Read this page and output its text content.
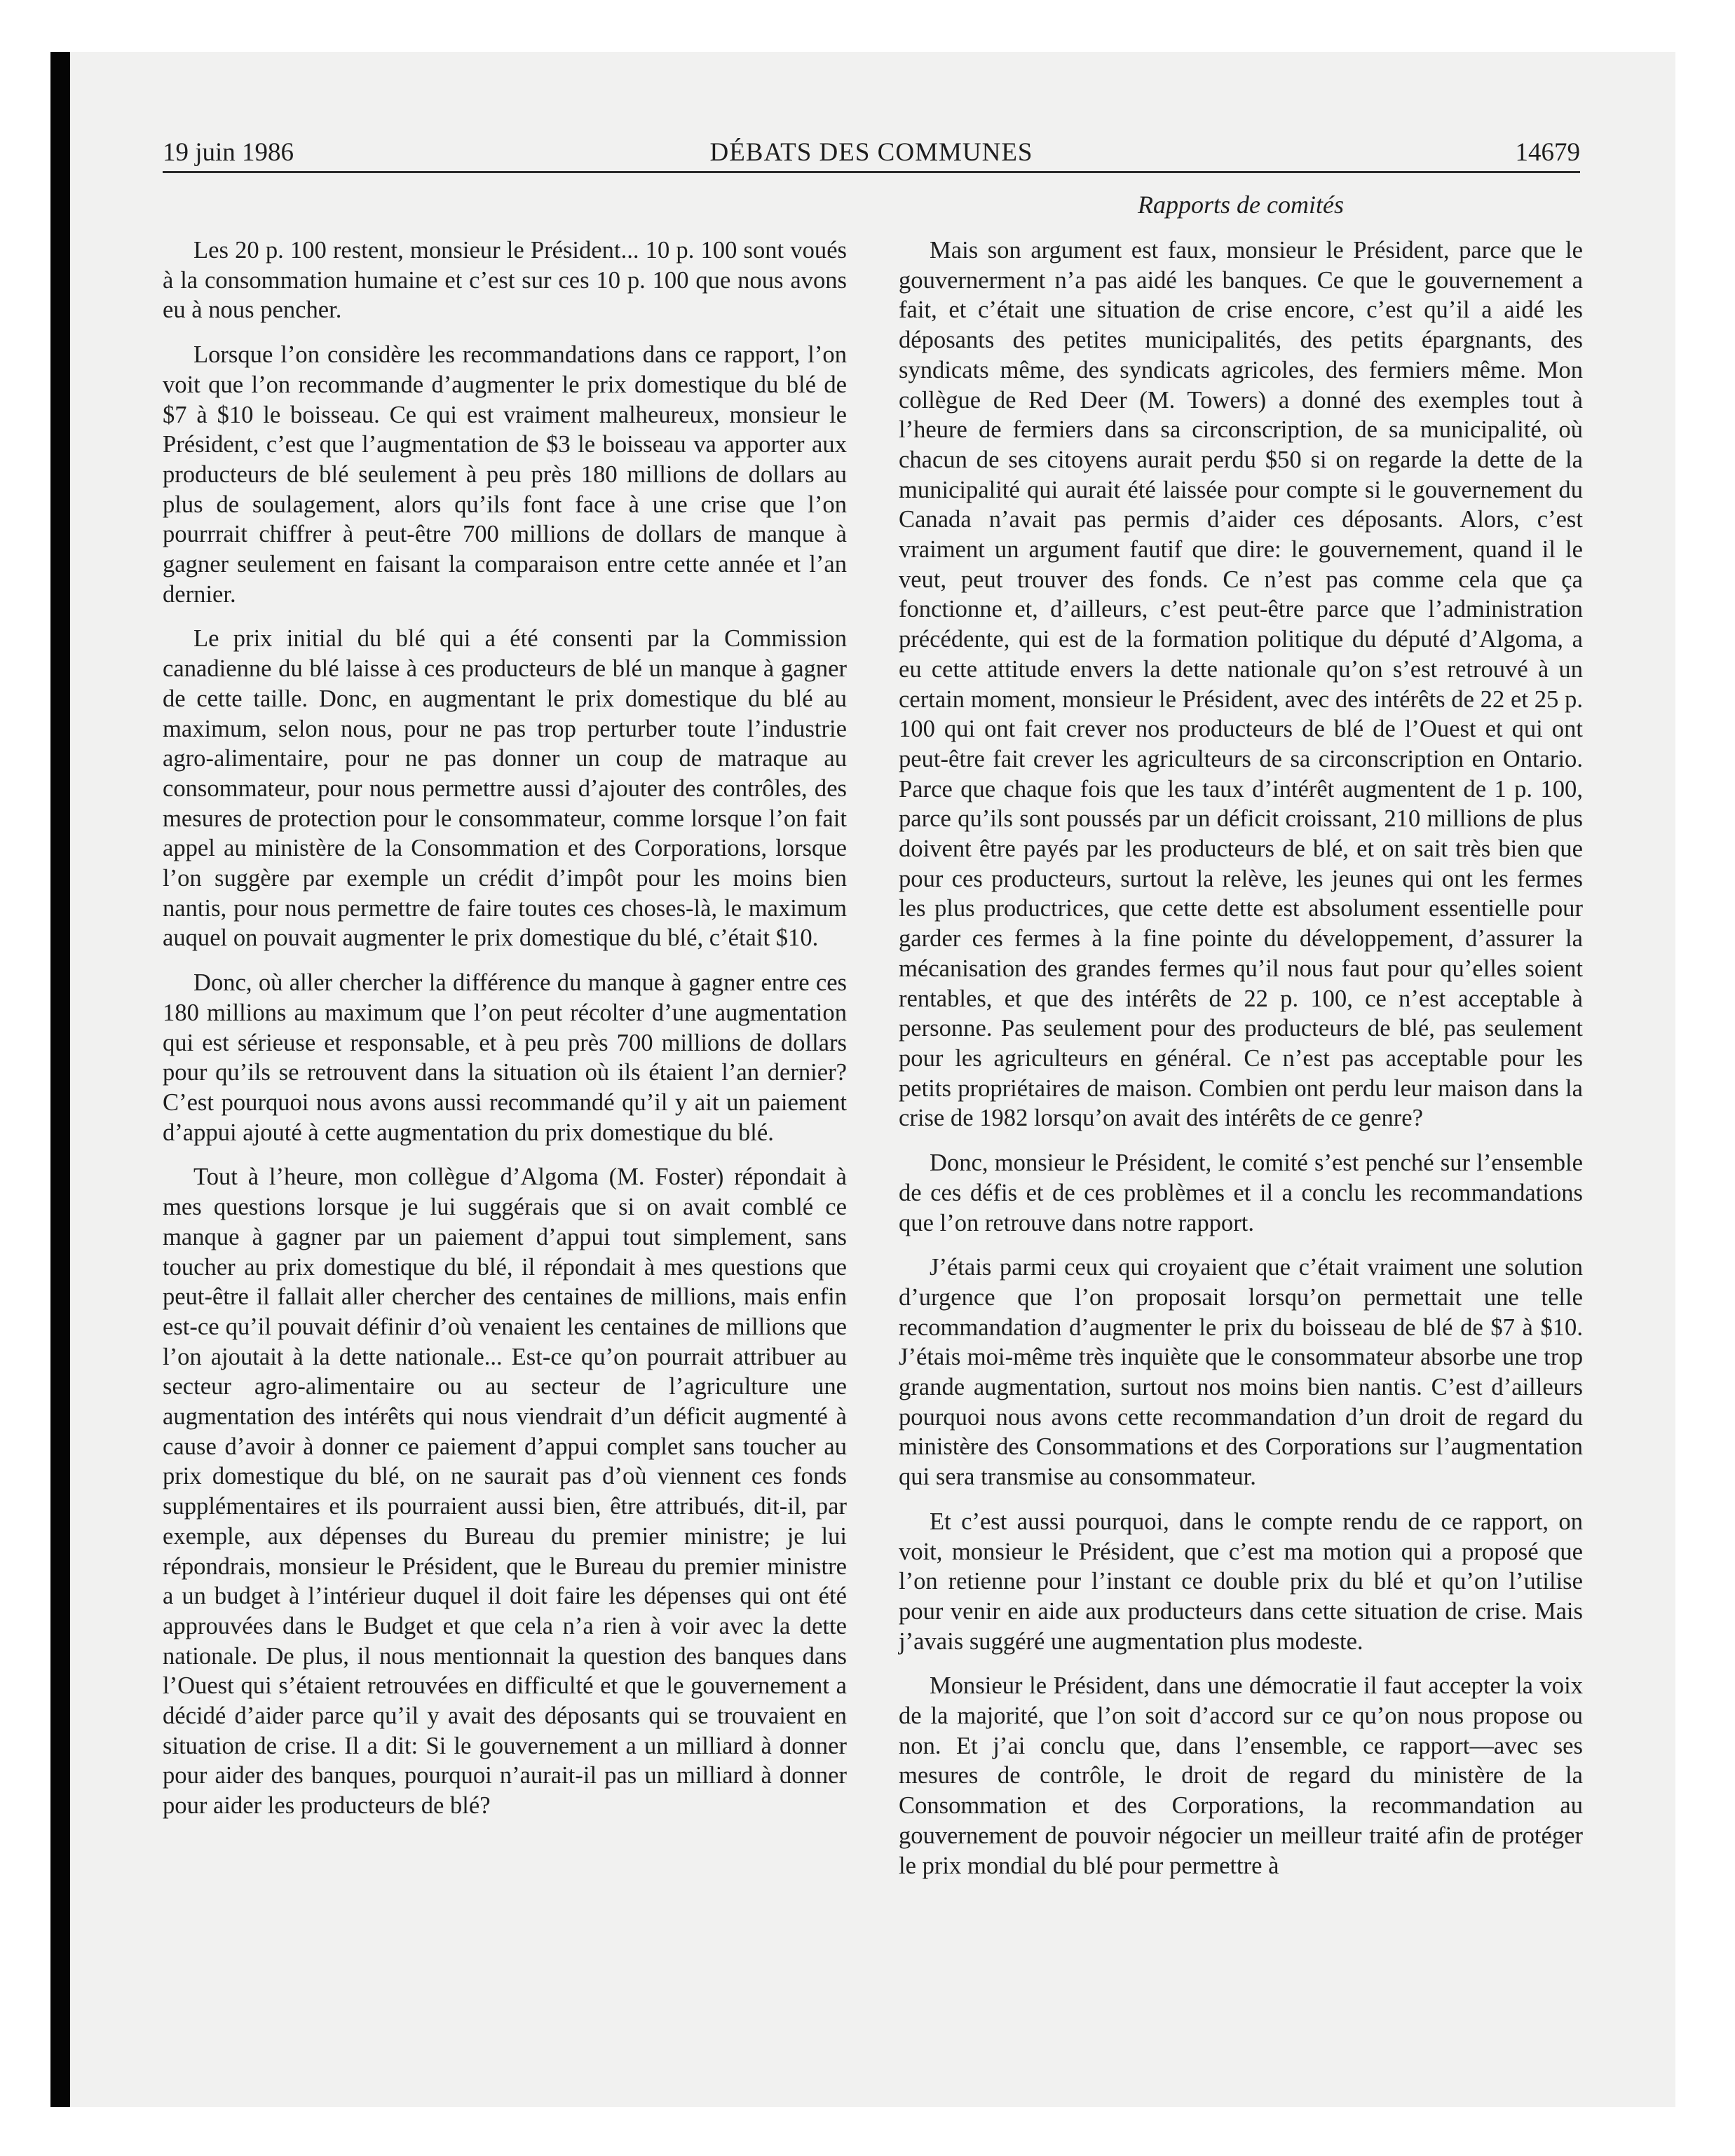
19 juin 1986	DÉBATS DES COMMUNES	14679

Les 20 p. 100 restent, monsieur le Président... 10 p. 100 sont voués à la consommation humaine et c’est sur ces 10 p. 100 que nous avons eu à nous pencher.

Lorsque l’on considère les recommandations dans ce rapport, l’on voit que l’on recommande d’augmenter le prix domestique du blé de $7 à $10 le boisseau. Ce qui est vraiment malheureux, monsieur le Président, c’est que l’augmentation de $3 le boisseau va apporter aux producteurs de blé seulement à peu près 180 millions de dollars au plus de soulagement, alors qu’ils font face à une crise que l’on pourrrait chiffrer à peut-être 700 millions de dollars de manque à gagner seulement en faisant la comparaison entre cette année et l’an dernier.

Le prix initial du blé qui a été consenti par la Commission canadienne du blé laisse à ces producteurs de blé un manque à gagner de cette taille. Donc, en augmentant le prix domestique du blé au maximum, selon nous, pour ne pas trop perturber toute l’industrie agro-alimentaire, pour ne pas donner un coup de matraque au consommateur, pour nous permettre aussi d’ajouter des contrôles, des mesures de protection pour le consommateur, comme lorsque l’on fait appel au ministère de la Consommation et des Corporations, lorsque l’on suggère par exemple un crédit d’impôt pour les moins bien nantis, pour nous permettre de faire toutes ces choses-là, le maximum auquel on pouvait augmenter le prix domestique du blé, c’était $10.

Donc, où aller chercher la différence du manque à gagner entre ces 180 millions au maximum que l’on peut récolter d’une augmentation qui est sérieuse et responsable, et à peu près 700 millions de dollars pour qu’ils se retrouvent dans la situation où ils étaient l’an dernier? C’est pourquoi nous avons aussi recommandé qu’il y ait un paiement d’appui ajouté à cette augmentation du prix domestique du blé.

Tout à l’heure, mon collègue d’Algoma (M. Foster) répondait à mes questions lorsque je lui suggérais que si on avait comblé ce manque à gagner par un paiement d’appui tout simplement, sans toucher au prix domestique du blé, il répondait à mes questions que peut-être il fallait aller chercher des centaines de millions, mais enfin est-ce qu’il pouvait définir d’où venaient les centaines de millions que l’on ajoutait à la dette nationale... Est-ce qu’on pourrait attribuer au secteur agro-alimentaire ou au secteur de l’agriculture une augmentation des intérêts qui nous viendrait d’un déficit augmenté à cause d’avoir à donner ce paiement d’appui complet sans toucher au prix domestique du blé, on ne saurait pas d’où viennent ces fonds supplémentaires et ils pourraient aussi bien, être attribués, dit-il, par exemple, aux dépenses du Bureau du premier ministre; je lui répondrais, monsieur le Président, que le Bureau du premier ministre a un budget à l’intérieur duquel il doit faire les dépenses qui ont été approuvées dans le Budget et que cela n’a rien à voir avec la dette nationale. De plus, il nous mentionnait la question des banques dans l’Ouest qui s’étaient retrouvées en difficulté et que le gouvernement a décidé d’aider parce qu’il y avait des déposants qui se trouvaient en situation de crise. Il a dit: Si le gouvernement a un milliard à donner pour aider des banques, pourquoi n’aurait-il pas un milliard à donner pour aider les producteurs de blé?

Rapports de comités

Mais son argument est faux, monsieur le Président, parce que le gouvernerment n’a pas aidé les banques. Ce que le gouvernement a fait, et c’était une situation de crise encore, c’est qu’il a aidé les déposants des petites municipalités, des petits épargnants, des syndicats même, des syndicats agricoles, des fermiers même. Mon collègue de Red Deer (M. Towers) a donné des exemples tout à l’heure de fermiers dans sa circonscription, de sa municipalité, où chacun de ses citoyens aurait perdu $50 si on regarde la dette de la municipalité qui aurait été laissée pour compte si le gouvernement du Canada n’avait pas permis d’aider ces déposants. Alors, c’est vraiment un argument fautif que dire: le gouvernement, quand il le veut, peut trouver des fonds. Ce n’est pas comme cela que ça fonctionne et, d’ailleurs, c’est peut-être parce que l’administration précédente, qui est de la formation politique du député d’Algoma, a eu cette attitude envers la dette nationale qu’on s’est retrouvé à un certain moment, monsieur le Président, avec des intérêts de 22 et 25 p. 100 qui ont fait crever nos producteurs de blé de l’Ouest et qui ont peut-être fait crever les agriculteurs de sa circonscription en Ontario. Parce que chaque fois que les taux d’intérêt augmentent de 1 p. 100, parce qu’ils sont poussés par un déficit croissant, 210 millions de plus doivent être payés par les producteurs de blé, et on sait très bien que pour ces producteurs, surtout la relève, les jeunes qui ont les fermes les plus productrices, que cette dette est absolument essentielle pour garder ces fermes à la fine pointe du développement, d’assurer la mécanisation des grandes fermes qu’il nous faut pour qu’elles soient rentables, et que des intérêts de 22 p. 100, ce n’est acceptable à personne. Pas seulement pour des producteurs de blé, pas seulement pour les agriculteurs en général. Ce n’est pas acceptable pour les petits propriétaires de maison. Combien ont perdu leur maison dans la crise de 1982 lorsqu’on avait des intérêts de ce genre?

Donc, monsieur le Président, le comité s’est penché sur l’ensemble de ces défis et de ces problèmes et il a conclu les recommandations que l’on retrouve dans notre rapport.

J’étais parmi ceux qui croyaient que c’était vraiment une solution d’urgence que l’on proposait lorsqu’on permettait une telle recommandation d’augmenter le prix du boisseau de blé de $7 à $10. J’étais moi-même très inquiète que le consommateur absorbe une trop grande augmentation, surtout nos moins bien nantis. C’est d’ailleurs pourquoi nous avons cette recommandation d’un droit de regard du ministère des Consommations et des Corporations sur l’augmentation qui sera transmise au consommateur.

Et c’est aussi pourquoi, dans le compte rendu de ce rapport, on voit, monsieur le Président, que c’est ma motion qui a proposé que l’on retienne pour l’instant ce double prix du blé et qu’on l’utilise pour venir en aide aux producteurs dans cette situation de crise. Mais j’avais suggéré une augmentation plus modeste.

Monsieur le Président, dans une démocratie il faut accepter la voix de la majorité, que l’on soit d’accord sur ce qu’on nous propose ou non. Et j’ai conclu que, dans l’ensemble, ce rapport—avec ses mesures de contrôle, le droit de regard du ministère de la Consommation et des Corporations, la recommandation au gouvernement de pouvoir négocier un meilleur traité afin de protéger le prix mondial du blé pour permettre à
